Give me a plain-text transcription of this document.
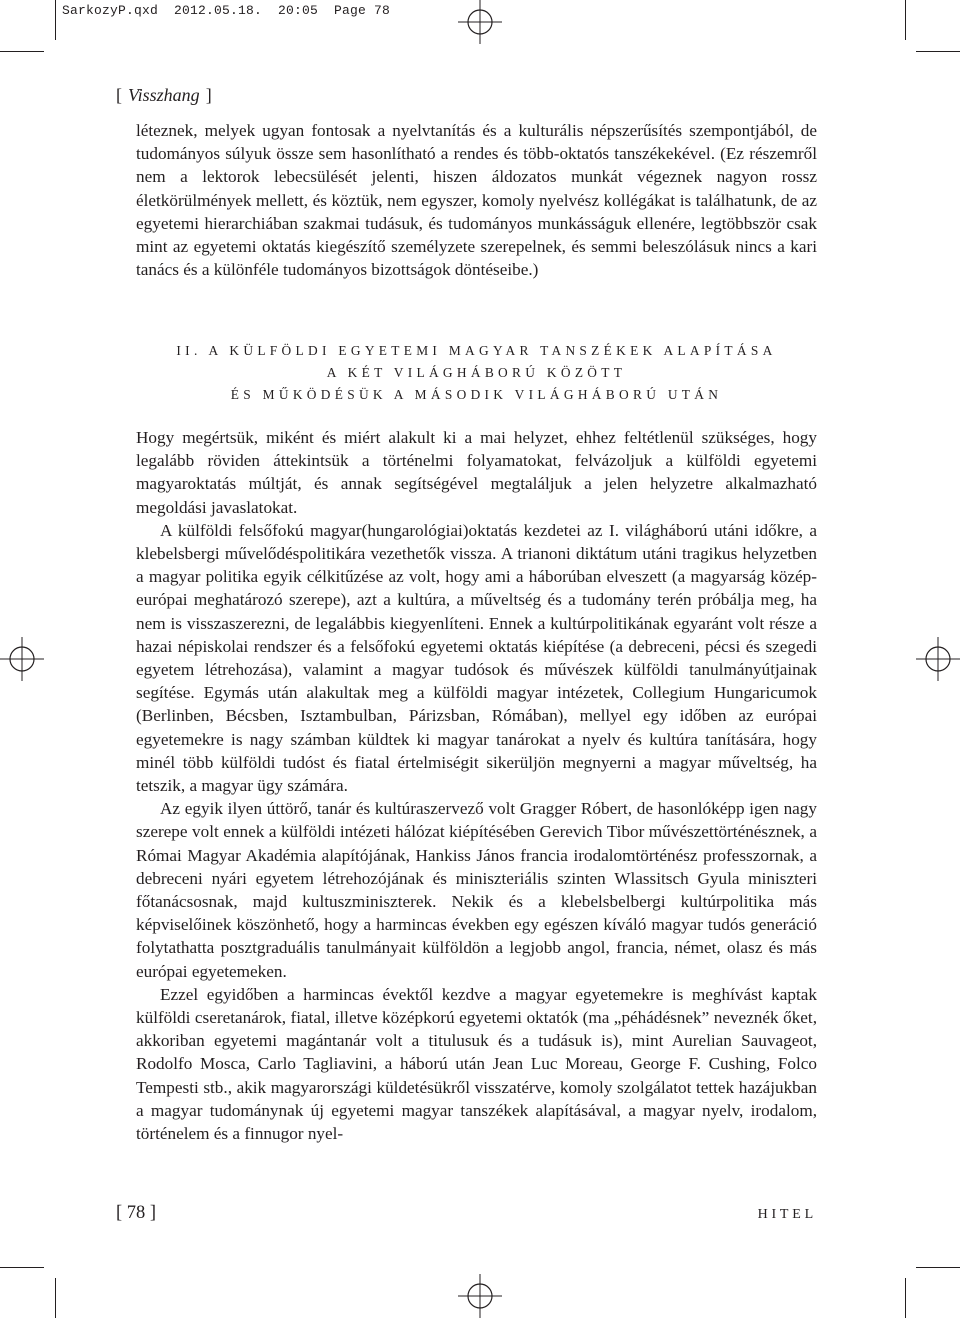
SarkozyP.qxd  2012.05.18.  20:05  Page 78
[ Visszhang ]

léteznek, melyek ugyan fontosak a nyelvtanítás és a kulturális népszerűsítés szempontjából, de tudományos súlyuk össze sem hasonlítható a rendes és több-oktatós tanszékekével. (Ez részemről nem a lektorok lebecsülését jelenti, hiszen áldozatos munkát végeznek nagyon rossz életkörülmények mellett, és köztük, nem egyszer, komoly nyelvész kollégákat is találhatunk, de az egyetemi hierarchiában szakmai tudásuk, és tudományos munkásságuk ellenére, legtöbbször csak mint az egyetemi oktatás kiegészítő személyzete szerepelnek, és semmi beleszólásuk nincs a kari tanács és a különféle tudományos bizottságok döntéseibe.)

II. A KÜLFÖLDI EGYETEMI MAGYAR TANSZÉKEK ALAPÍTÁSA
A KÉT VILÁGHÁBORÚ KÖZÖTT
ÉS MŰKÖDÉSÜK A MÁSODIK VILÁGHÁBORÚ UTÁN

Hogy megértsük, miként és miért alakult ki a mai helyzet, ehhez feltétlenül szükséges, hogy legalább röviden áttekintsük a történelmi folyamatokat, felvázoljuk a külföldi egyetemi magyaroktatás múltját, és annak segítségével megtaláljuk a jelen helyzetre alkalmazható megoldási javaslatokat.

A külföldi felsőfokú magyar(hungarológiai)oktatás kezdetei az I. világháború utáni időkre, a klebelsbergi művelődéspolitikára vezethetők vissza. A trianoni diktátum utáni tragikus helyzetben a magyar politika egyik célkitűzése az volt, hogy ami a háborúban elveszett (a magyarság közép-európai meghatározó szerepe), azt a kultúra, a műveltség és a tudomány terén próbálja meg, ha nem is visszaszerezni, de legalábbis kiegyenlíteni. Ennek a kultúrpolitikának egyaránt volt része a hazai népiskolai rendszer és a felsőfokú egyetemi oktatás kiépítése (a debreceni, pécsi és szegedi egyetem létrehozása), valamint a magyar tudósok és művészek külföldi tanulmányútjainak segítése. Egymás után alakultak meg a külföldi magyar intézetek, Collegium Hungaricumok (Berlinben, Bécsben, Isztambulban, Párizsban, Rómában), mellyel egy időben az európai egyetemekre is nagy számban küldtek ki magyar tanárokat a nyelv és kultúra tanítására, hogy minél több külföldi tudóst és fiatal értelmiségit sikerüljön megnyerni a magyar műveltség, ha tetszik, a magyar ügy számára.

Az egyik ilyen úttörő, tanár és kultúraszervező volt Gragger Róbert, de hasonlóképp igen nagy szerepe volt ennek a külföldi intézeti hálózat kiépítésében Gerevich Tibor művészettörténésznek, a Római Magyar Akadémia alapítójának, Hankiss János francia irodalomtörténész professzornak, a debreceni nyári egyetem létrehozójának és miniszteriális szinten Wlassitsch Gyula miniszteri főtanácsosnak, majd kultuszminiszterek. Nekik és a klebelsbelbergi kultúrpolitika más képviselőinek köszönhető, hogy a harmincas években egy egészen kíváló magyar tudós generáció folytathatta posztgraduális tanulmányait külföldön a legjobb angol, francia, német, olasz és más európai egyetemeken.

Ezzel egyidőben a harmincas évektől kezdve a magyar egyetemekre is meghívást kaptak külföldi cseretanárok, fiatal, illetve középkorú egyetemi oktatók (ma „péhádésnek” neveznék őket, akkoriban egyetemi magántanár volt a titulusuk és a tudásuk is), mint Aurelian Sauvageot, Rodolfo Mosca, Carlo Tagliavini, a háború után Jean Luc Moreau, George F. Cushing, Folco Tempesti stb., akik magyarországi küldetésükről visszatérve, komoly szolgálatot tettek hazájukban a magyar tudománynak új egyetemi magyar tanszékek alapításával, a magyar nyelv, irodalom, történelem és a finnugor nyel-

[ 78 ]	HITEL
